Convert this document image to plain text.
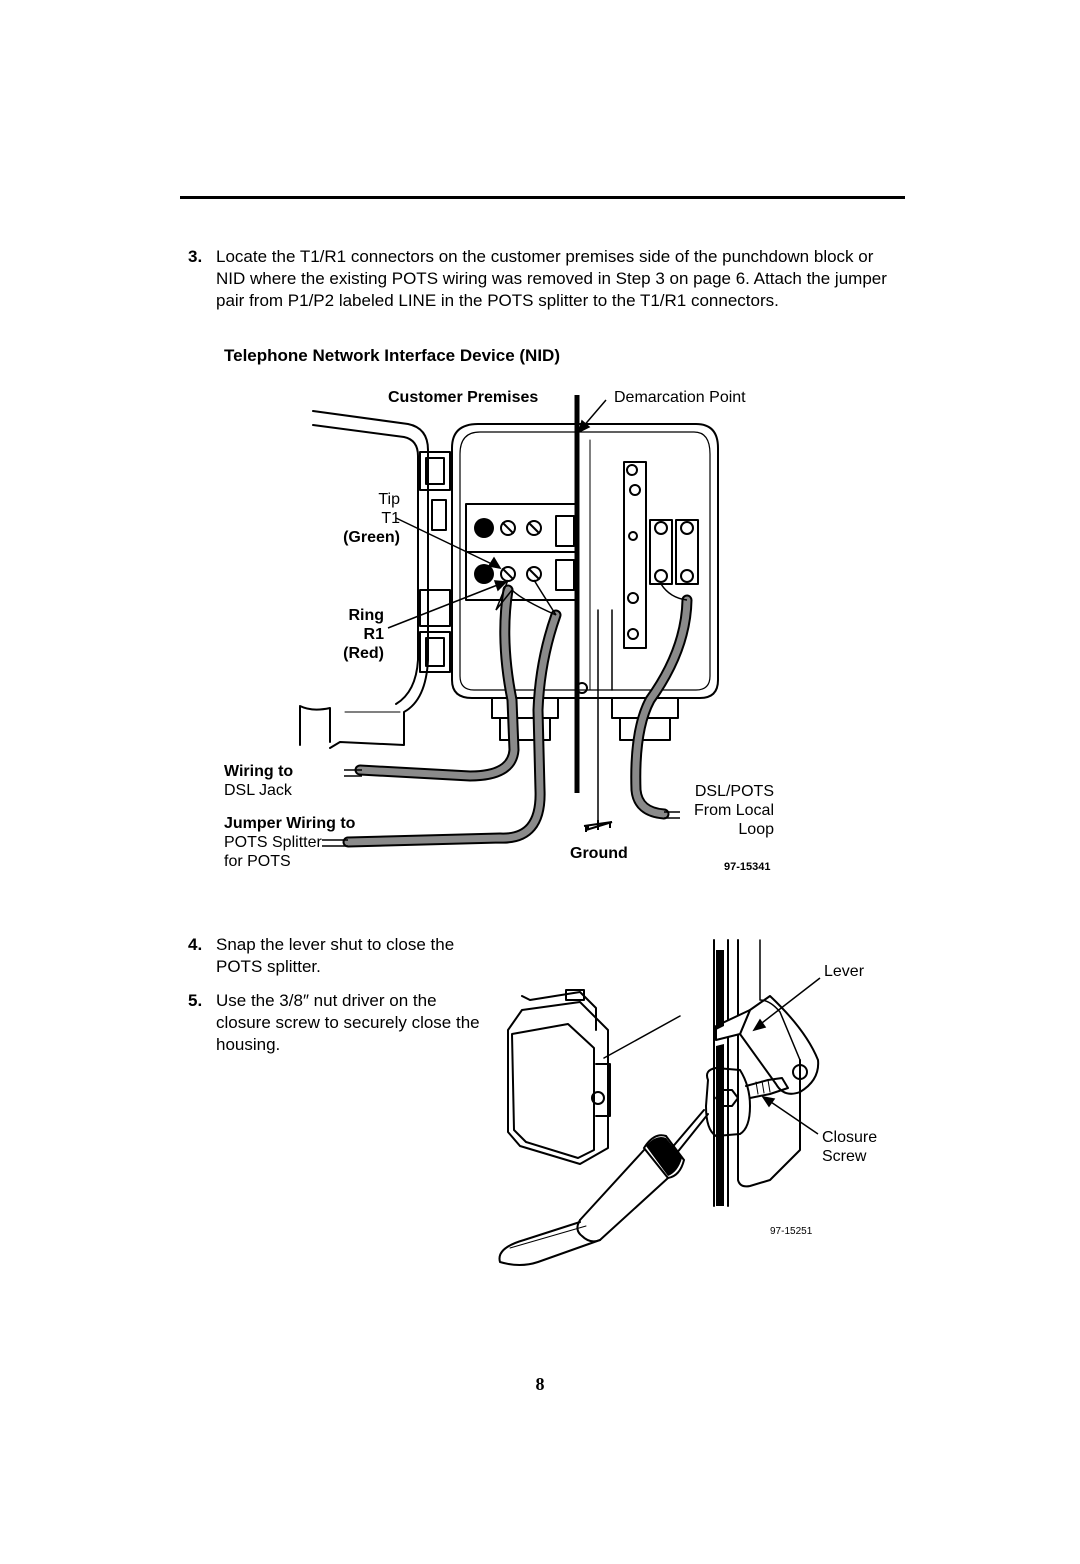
3. Locate the T1/R1 connectors on the customer premises side of the punchdown block or NID where the existing POTS wiring was removed in Step 3 on page 6. Attach the jumper pair from P1/P2 labeled LINE in the POTS splitter to the T1/R1 connectors.
Telephone Network Interface Device (NID)
Customer Premises	Demarcation Point
Tip
T1
(Green)
Ring
R1
(Red)
Wiring to
DSL Jack
Jumper Wiring to
POTS Splitter
for POTS	Ground
DSL/POTS
From Local
Loop
97-15341
4. Snap the lever shut to close the POTS splitter.
5. Use the 3/8″ nut driver on the closure screw to securely close the housing.
Lever
Closure
Screw
97-15251
8
